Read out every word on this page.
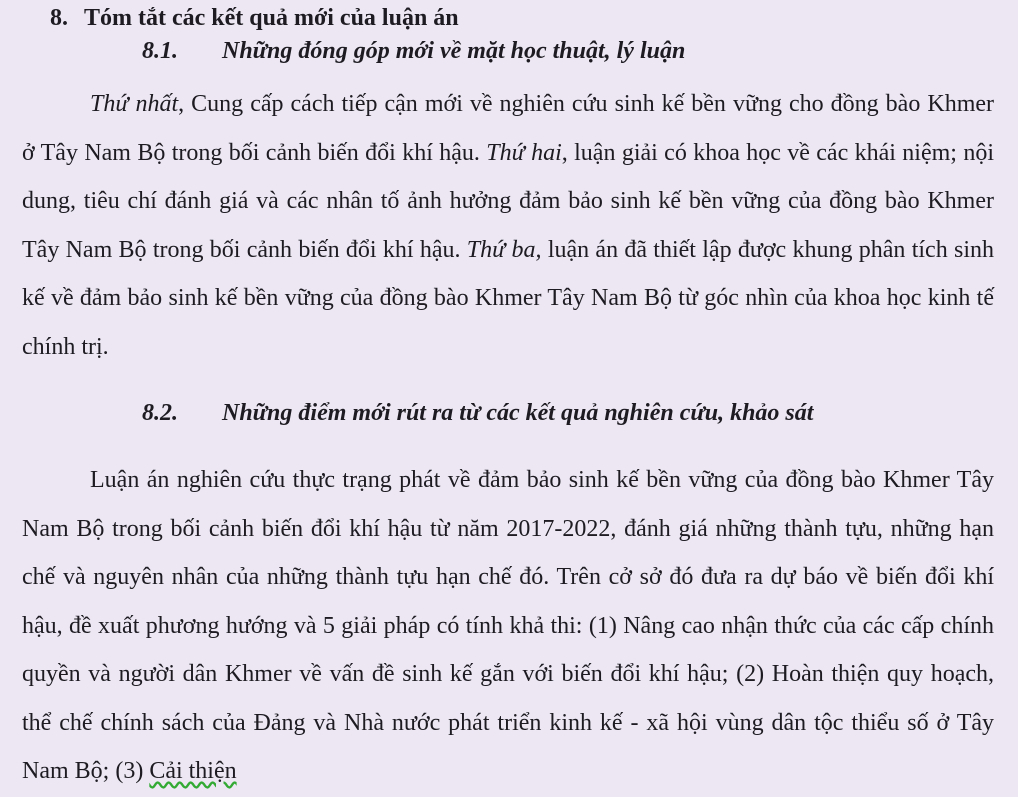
8. Tóm tắt các kết quả mới của luận án
8.1. Những đóng góp mới về mặt học thuật, lý luận

Thứ nhất, Cung cấp cách tiếp cận mới về nghiên cứu sinh kế bền vững cho đồng bào Khmer ở Tây Nam Bộ trong bối cảnh biến đổi khí hậu. Thứ hai, luận giải có khoa học về các khái niệm; nội dung, tiêu chí đánh giá và các nhân tố ảnh hưởng đảm bảo sinh kế bền vững của đồng bào Khmer Tây Nam Bộ trong bối cảnh biến đổi khí hậu. Thứ ba, luận án đã thiết lập được khung phân tích sinh kế về đảm bảo sinh kế bền vững của đồng bào Khmer Tây Nam Bộ từ góc nhìn của khoa học kinh tế chính trị.

8.2. Những điểm mới rút ra từ các kết quả nghiên cứu, khảo sát

Luận án nghiên cứu thực trạng phát về đảm bảo sinh kế bền vững của đồng bào Khmer Tây Nam Bộ trong bối cảnh biến đổi khí hậu từ năm 2017-2022, đánh giá những thành tựu, những hạn chế và nguyên nhân của những thành tựu hạn chế đó. Trên cở sở đó đưa ra dự báo về biến đổi khí hậu, đề xuất phương hướng và 5 giải pháp có tính khả thi: (1) Nâng cao nhận thức của các cấp chính quyền và người dân Khmer về vấn đề sinh kế gắn với biến đổi khí hậu; (2) Hoàn thiện quy hoạch, thể chế chính sách của Đảng và Nhà nước phát triển kinh kế - xã hội vùng dân tộc thiểu số ở Tây Nam Bộ; (3) Cải thiện
